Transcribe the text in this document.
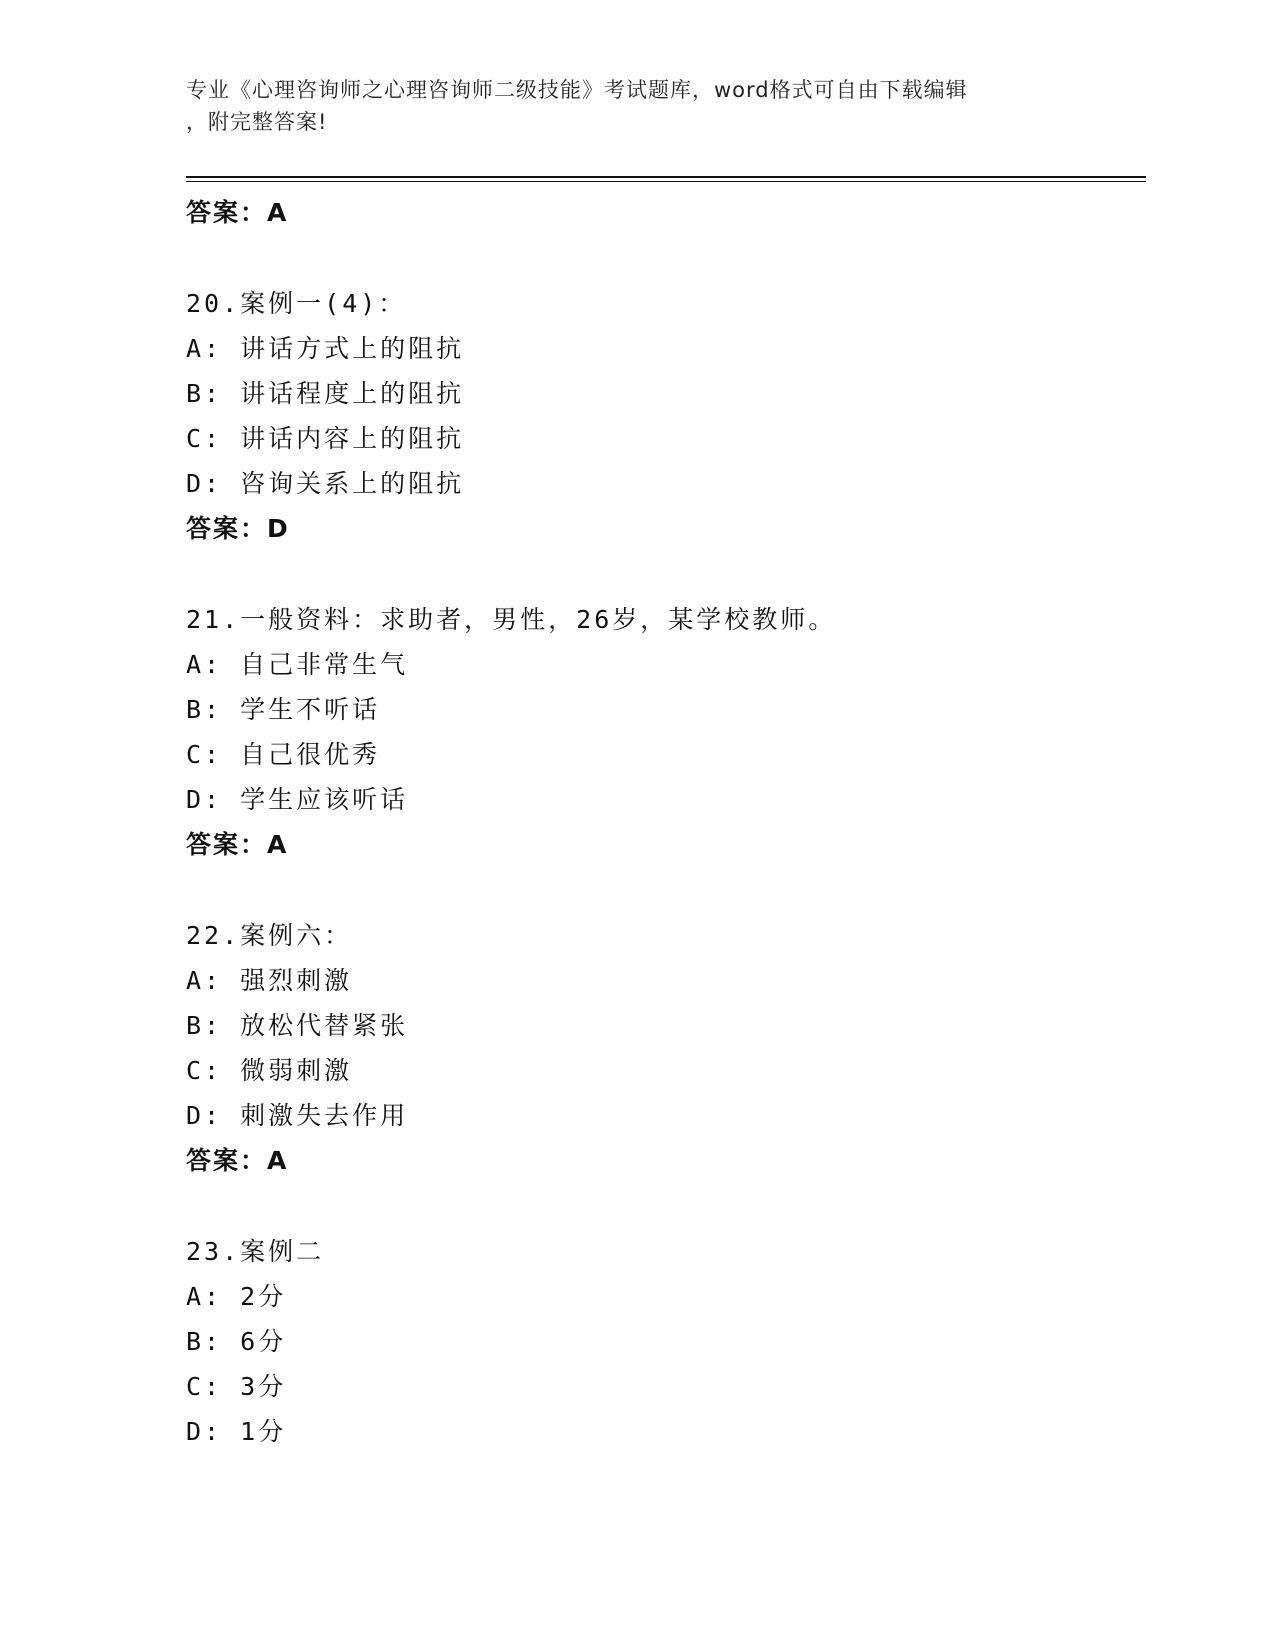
专业《心理咨询师之心理咨询师二级技能》考试题库，word格式可自由下载编辑
，附完整答案!
答案：A
20.案例一(4)：
A: 讲话方式上的阻抗
B: 讲话程度上的阻抗
C: 讲话内容上的阻抗
D: 咨询关系上的阻抗
答案：D
21.一般资料：求助者，男性，26岁，某学校教师。
A: 自己非常生气
B: 学生不听话
C: 自己很优秀
D: 学生应该听话
答案：A
22.案例六：
A: 强烈刺激
B: 放松代替紧张
C: 微弱刺激
D: 刺激失去作用
答案：A
23.案例二
A: 2分
B: 6分
C: 3分
D: 1分
